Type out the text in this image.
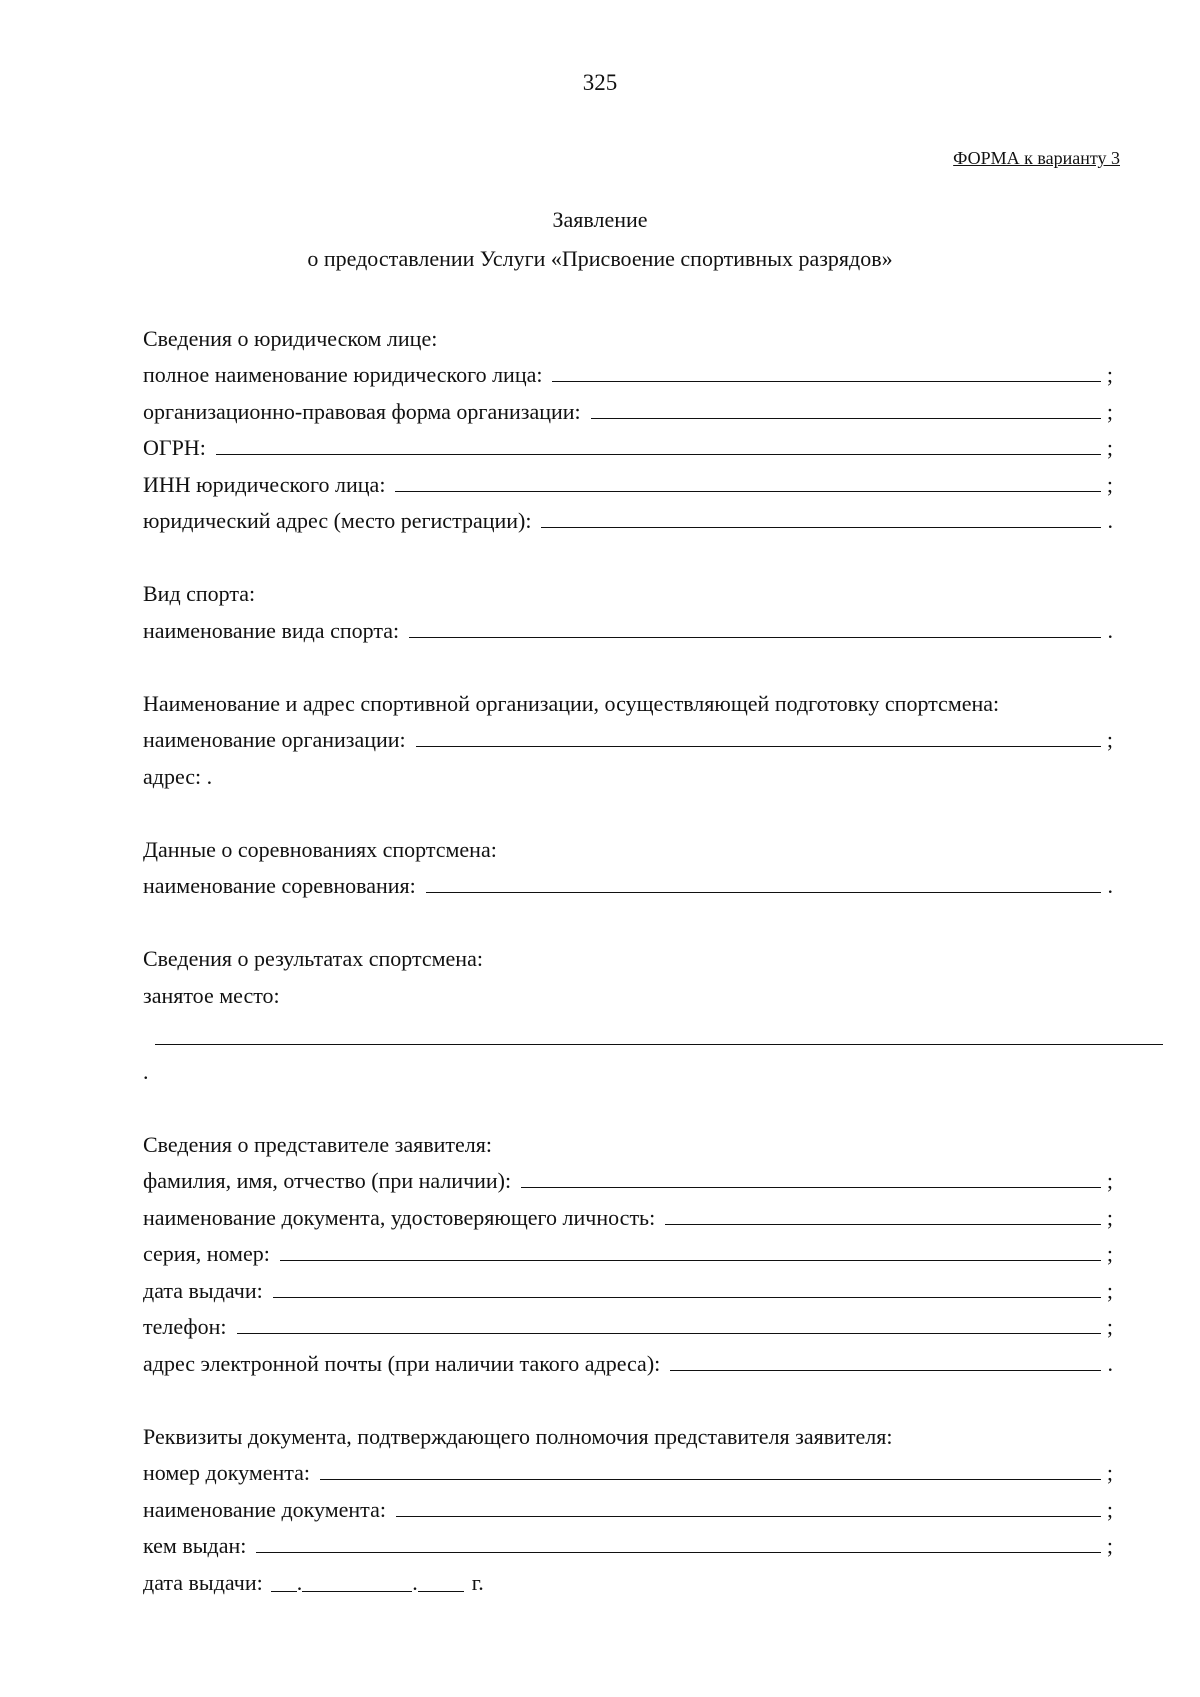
325
ФОРМА к варианту 3
Заявление
о предоставлении Услуги «Присвоение спортивных разрядов»
Сведения о юридическом лице:
полное наименование юридического лица:	;
организационно-правовая форма организации:	;
ОГРН:	;
ИНН юридического лица:	;
юридический адрес (место регистрации):	.
Вид спорта:
наименование вида спорта:	.
Наименование и адрес спортивной организации, осуществляющей подготовку спортсмена:
наименование организации:	;
адрес: .
Данные о соревнованиях спортсмена:
наименование соревнования:	.
Сведения о результатах спортсмена:
занятое место:
.
Сведения о представителе заявителя:
фамилия, имя, отчество (при наличии):	;
наименование документа, удостоверяющего личность:	;
серия, номер:	;
дата выдачи:	;
телефон:	;
адрес электронной почты (при наличии такого адреса):	.
Реквизиты документа, подтверждающего полномочия представителя заявителя:
номер документа:	;
наименование документа:	;
кем выдан:	;
дата выдачи: .	. г.
